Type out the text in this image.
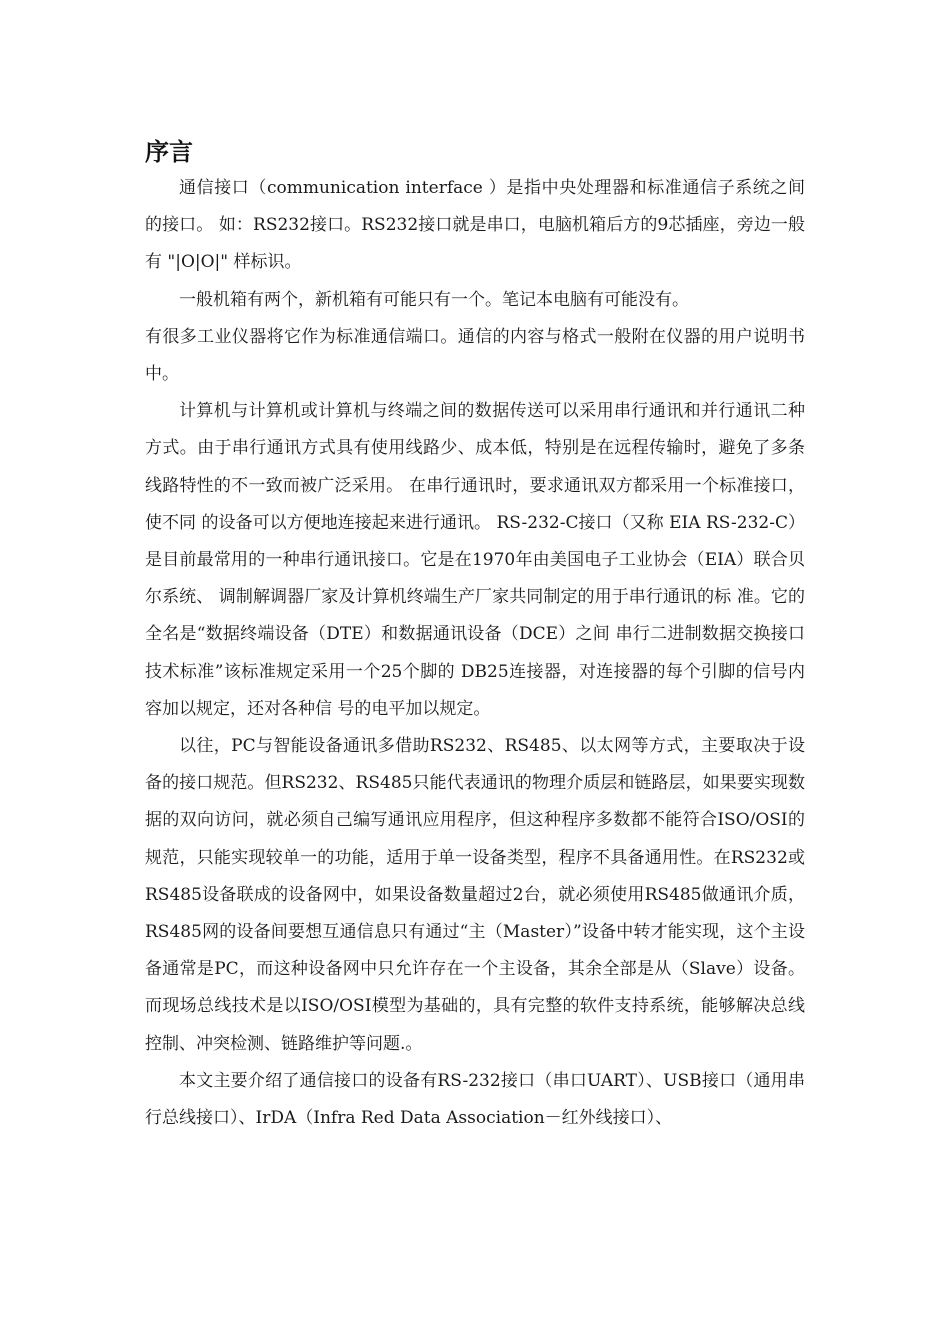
序言

通信接口（communication interface ）是指中央处理器和标准通信子系统之间的接口。 如：RS232接口。RS232接口就是串口，电脑机箱后方的9芯插座，旁边一般有 "|O|O|" 样标识。

一般机箱有两个，新机箱有可能只有一个。笔记本电脑有可能没有。

有很多工业仪器将它作为标准通信端口。通信的内容与格式一般附在仪器的用户说明书中。

计算机与计算机或计算机与终端之间的数据传送可以采用串行通讯和并行通讯二种方式。由于串行通讯方式具有使用线路少、成本低，特别是在远程传输时，避免了多条线路特性的不一致而被广泛采用。 在串行通讯时，要求通讯双方都采用一个标准接口，使不同 的设备可以方便地连接起来进行通讯。 RS-232-C接口（又称 EIA RS-232-C）是目前最常用的一种串行通讯接口。它是在1970年由美国电子工业协会（EIA）联合贝尔系统、 调制解调器厂家及计算机终端生产厂家共同制定的用于串行通讯的标 准。它的全名是“数据终端设备（DTE）和数据通讯设备（DCE）之间 串行二进制数据交换接口技术标准”该标准规定采用一个25个脚的 DB25连接器，对连接器的每个引脚的信号内容加以规定，还对各种信 号的电平加以规定。

以往，PC与智能设备通讯多借助RS232、RS485、以太网等方式，主要取决于设备的接口规范。但RS232、RS485只能代表通讯的物理介质层和链路层，如果要实现数据的双向访问，就必须自己编写通讯应用程序，但这种程序多数都不能符合ISO/OSI的规范，只能实现较单一的功能，适用于单一设备类型，程序不具备通用性。在RS232或RS485设备联成的设备网中，如果设备数量超过2台，就必须使用RS485做通讯介质，RS485网的设备间要想互通信息只有通过“主（Master）”设备中转才能实现，这个主设备通常是PC，而这种设备网中只允许存在一个主设备，其余全部是从（Slave）设备。而现场总线技术是以ISO/OSI模型为基础的，具有完整的软件支持系统，能够解决总线控制、冲突检测、链路维护等问题.。

本文主要介绍了通信接口的设备有RS-232接口（串口UART）、USB接口（通用串行总线接口）、IrDA（Infra Red Data Association－红外线接口）、
